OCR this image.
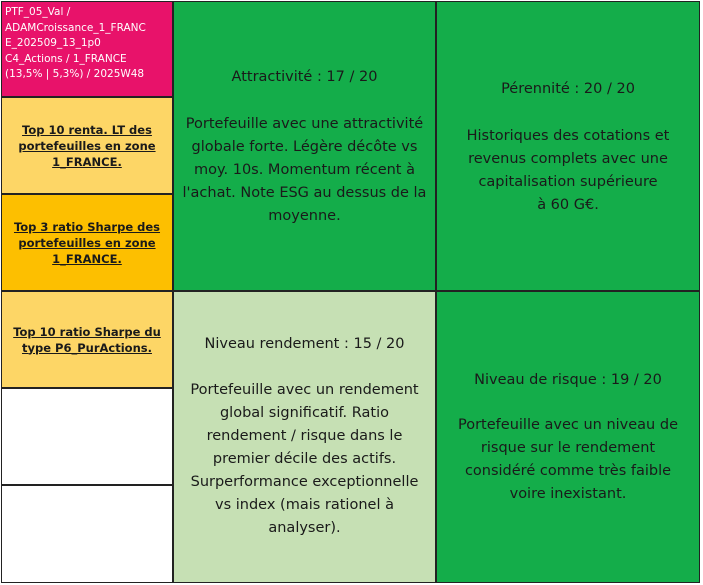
PTF_05_Val /
ADAMCroissance_1_FRANC
E_202509_13_1p0
C4_Actions / 1_FRANCE
(13,5% | 5,3%) / 2025W48
Top 10 renta. LT des
portefeuilles en zone
1_FRANCE.
Top 3 ratio Sharpe des
portefeuilles en zone
1_FRANCE.
Top 10 ratio Sharpe du
type P6_PurActions.
Attractivité : 17 / 20
Portefeuille avec une attractivité
globale forte. Légère décôte vs
moy. 10s. Momentum récent à
l'achat. Note ESG au dessus de la
moyenne.
Pérennité : 20 / 20
Historiques des cotations et
revenus complets avec une
capitalisation supérieure
à 60 G€.
Niveau rendement : 15 / 20
Portefeuille avec un rendement
global significatif. Ratio
rendement / risque dans le
premier décile des actifs.
Surperformance exceptionnelle
vs index (mais rationel à
analyser).
Niveau de risque : 19 / 20
Portefeuille avec un niveau de
risque sur le rendement
considéré comme très faible
voire inexistant.
